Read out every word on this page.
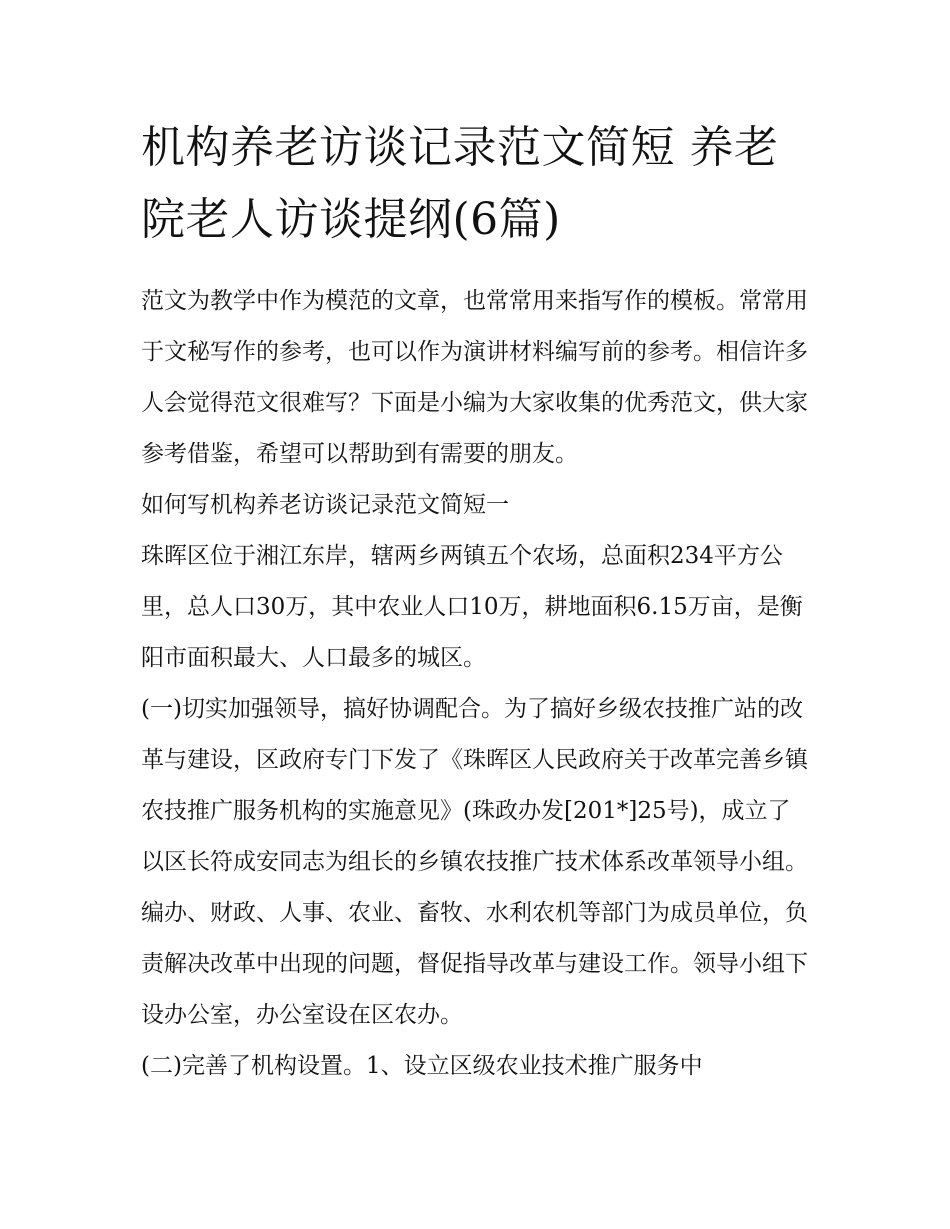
机构养老访谈记录范文简短 养老院老人访谈提纲(6篇)

范文为教学中作为模范的文章，也常常用来指写作的模板。常常用于文秘写作的参考，也可以作为演讲材料编写前的参考。相信许多人会觉得范文很难写？下面是小编为大家收集的优秀范文，供大家参考借鉴，希望可以帮助到有需要的朋友。

如何写机构养老访谈记录范文简短一

珠晖区位于湘江东岸，辖两乡两镇五个农场，总面积234平方公里，总人口30万，其中农业人口10万，耕地面积6.15万亩，是衡阳市面积最大、人口最多的城区。

(一)切实加强领导，搞好协调配合。为了搞好乡级农技推广站的改革与建设，区政府专门下发了《珠晖区人民政府关于改革完善乡镇农技推广服务机构的实施意见》(珠政办发[201*]25号)，成立了以区长符成安同志为组长的乡镇农技推广技术体系改革领导小组。编办、财政、人事、农业、畜牧、水利农机等部门为成员单位，负责解决改革中出现的问题，督促指导改革与建设工作。领导小组下设办公室，办公室设在区农办。

(二)完善了机构设置。1、设立区级农业技术推广服务中
